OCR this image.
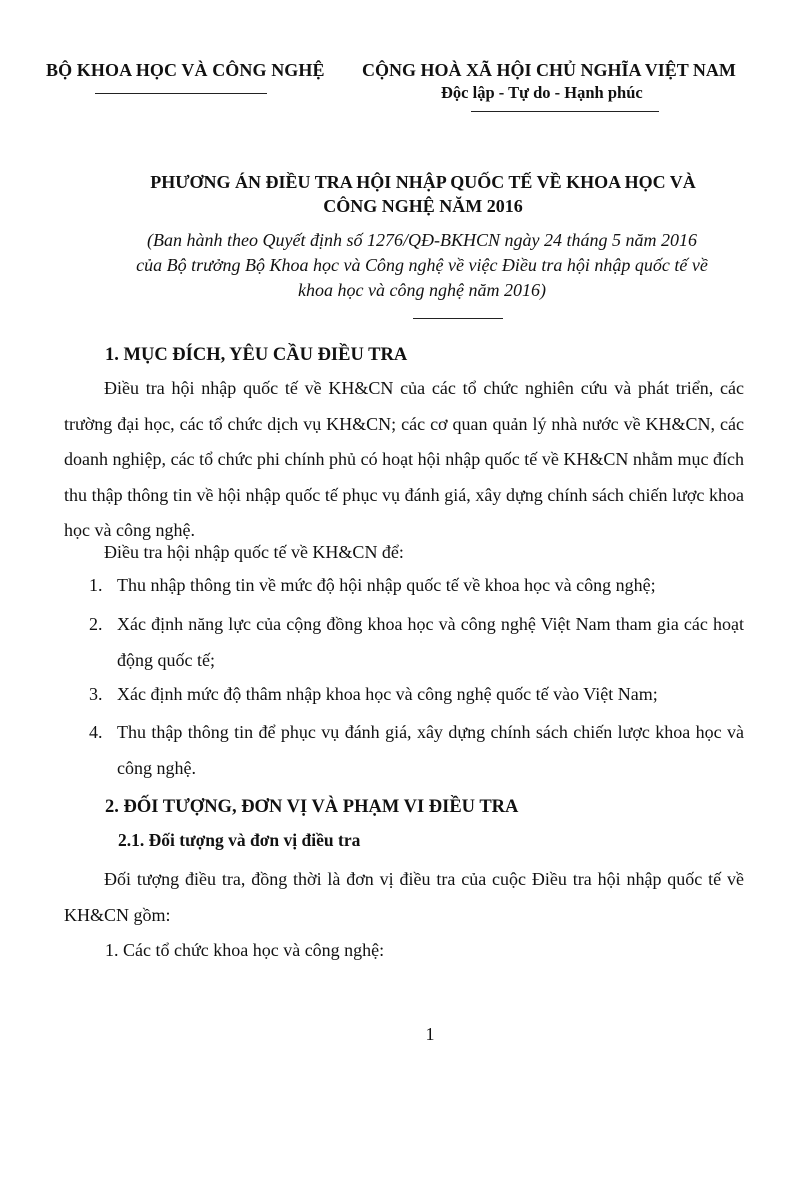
BỘ KHOA HỌC VÀ CÔNG NGHỆ CỘNG HOÀ XÃ HỘI CHỦ NGHĨA VIỆT NAM
Độc lập - Tự do - Hạnh phúc
PHƯƠNG ÁN ĐIỀU TRA HỘI NHẬP QUỐC TẾ VỀ KHOA HỌC VÀ
CÔNG NGHỆ NĂM 2016
(Ban hành theo Quyết định số 1276/QĐ-BKHCN ngày 24 tháng 5 năm 2016
của Bộ trưởng Bộ Khoa học và Công nghệ về việc Điều tra hội nhập quốc tế về
khoa học và công nghệ năm 2016)
1. MỤC ĐÍCH, YÊU CẦU ĐIỀU TRA
Điều tra hội nhập quốc tế về KH&CN của các tổ chức nghiên cứu và phát triển, các trường đại học, các tổ chức dịch vụ KH&CN; các cơ quan quản lý nhà nước về KH&CN, các doanh nghiệp, các tổ chức phi chính phủ có hoạt hội nhập quốc tế về KH&CN nhằm mục đích thu thập thông tin về hội nhập quốc tế phục vụ đánh giá, xây dựng chính sách chiến lược khoa học và công nghệ.
Điều tra hội nhập quốc tế về KH&CN để:
1. Thu nhập thông tin về mức độ hội nhập quốc tế về khoa học và công nghệ;
2. Xác định năng lực của cộng đồng khoa học và công nghệ Việt Nam tham gia các hoạt động quốc tế;
3. Xác định mức độ thâm nhập khoa học và công nghệ quốc tế vào Việt Nam;
4. Thu thập thông tin để phục vụ đánh giá, xây dựng chính sách chiến lược khoa học và công nghệ.
2. ĐỐI TƯỢNG, ĐƠN VỊ VÀ PHẠM VI ĐIỀU TRA
2.1. Đối tượng và đơn vị điều tra
Đối tượng điều tra, đồng thời là đơn vị điều tra của cuộc Điều tra hội nhập quốc tế về KH&CN gồm:
1. Các tổ chức khoa học và công nghệ:
1
